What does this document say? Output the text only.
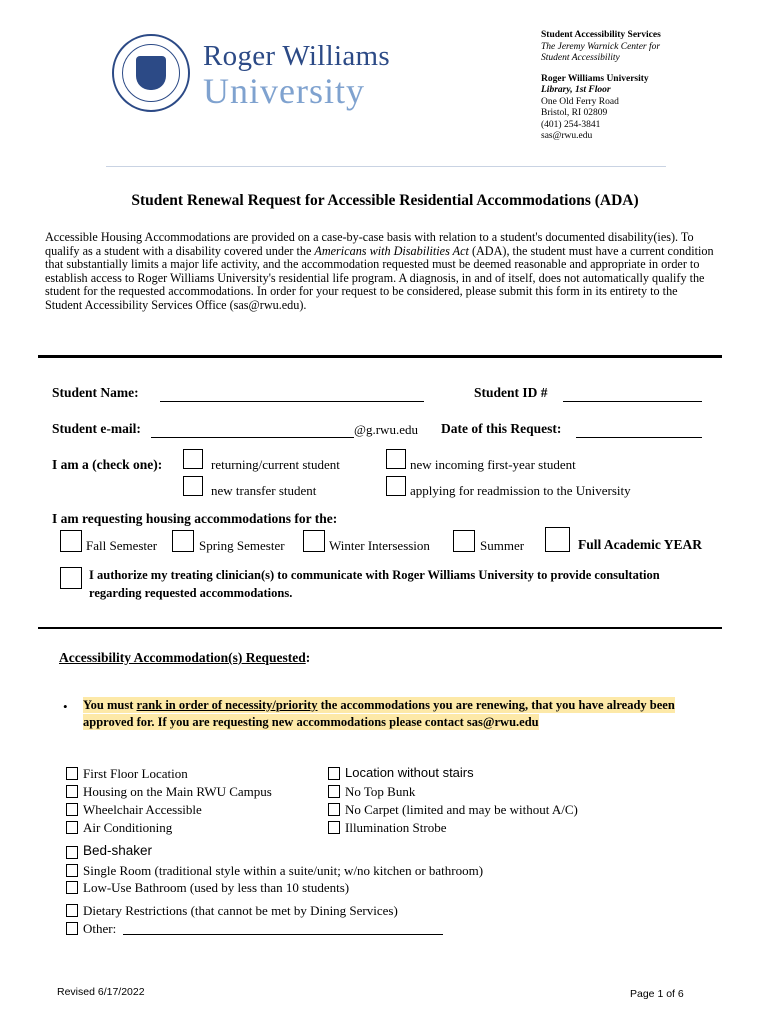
Roger Williams
University
Student Accessibility Services
The Jeremy Warnick Center for
Student Accessibility
Roger Williams University
Library, 1st Floor
One Old Ferry Road
Bristol, RI 02809
(401) 254-3841
sas@rwu.edu
Student Renewal Request for Accessible Residential Accommodations (ADA)
Accessible Housing Accommodations are provided on a case-by-case basis with relation to a student's documented disability(ies). To qualify as a student with a disability covered under the Americans with Disabilities Act (ADA), the student must have a current condition that substantially limits a major life activity, and the accommodation requested must be deemed reasonable and appropriate in order to establish access to Roger Williams University's residential life program. A diagnosis, in and of itself, does not automatically qualify the student for the requested accommodations. In order for your request to be considered, please submit this form in its entirety to the Student Accessibility Services Office (sas@rwu.edu).
Student Name:	Student ID #
Student e-mail:	@g.rwu.edu Date of this Request:
I am a (check one):	returning/current student	new incoming first-year student
new transfer student	applying for readmission to the University
I am requesting housing accommodations for the:
Fall Semester	Spring Semester	Winter Intersession	Summer	Full Academic YEAR
I authorize my treating clinician(s) to communicate with Roger Williams University to provide consultation
regarding requested accommodations.
Accessibility Accommodation(s) Requested:
• You must rank in order of necessity/priority the accommodations you are renewing, that you have already been approved for. If you are requesting new accommodations please contact sas@rwu.edu
First Floor Location
Housing on the Main RWU Campus
Wheelchair Accessible
Air Conditioning
Location without stairs
No Top Bunk
No Carpet (limited and may be without A/C)
Illumination Strobe
Bed-shaker
Single Room (traditional style within a suite/unit; w/no kitchen or bathroom)
Low-Use Bathroom (used by less than 10 students)
Dietary Restrictions (that cannot be met by Dining Services)
Other:
Revised 6/17/2022	Page 1 of 6
